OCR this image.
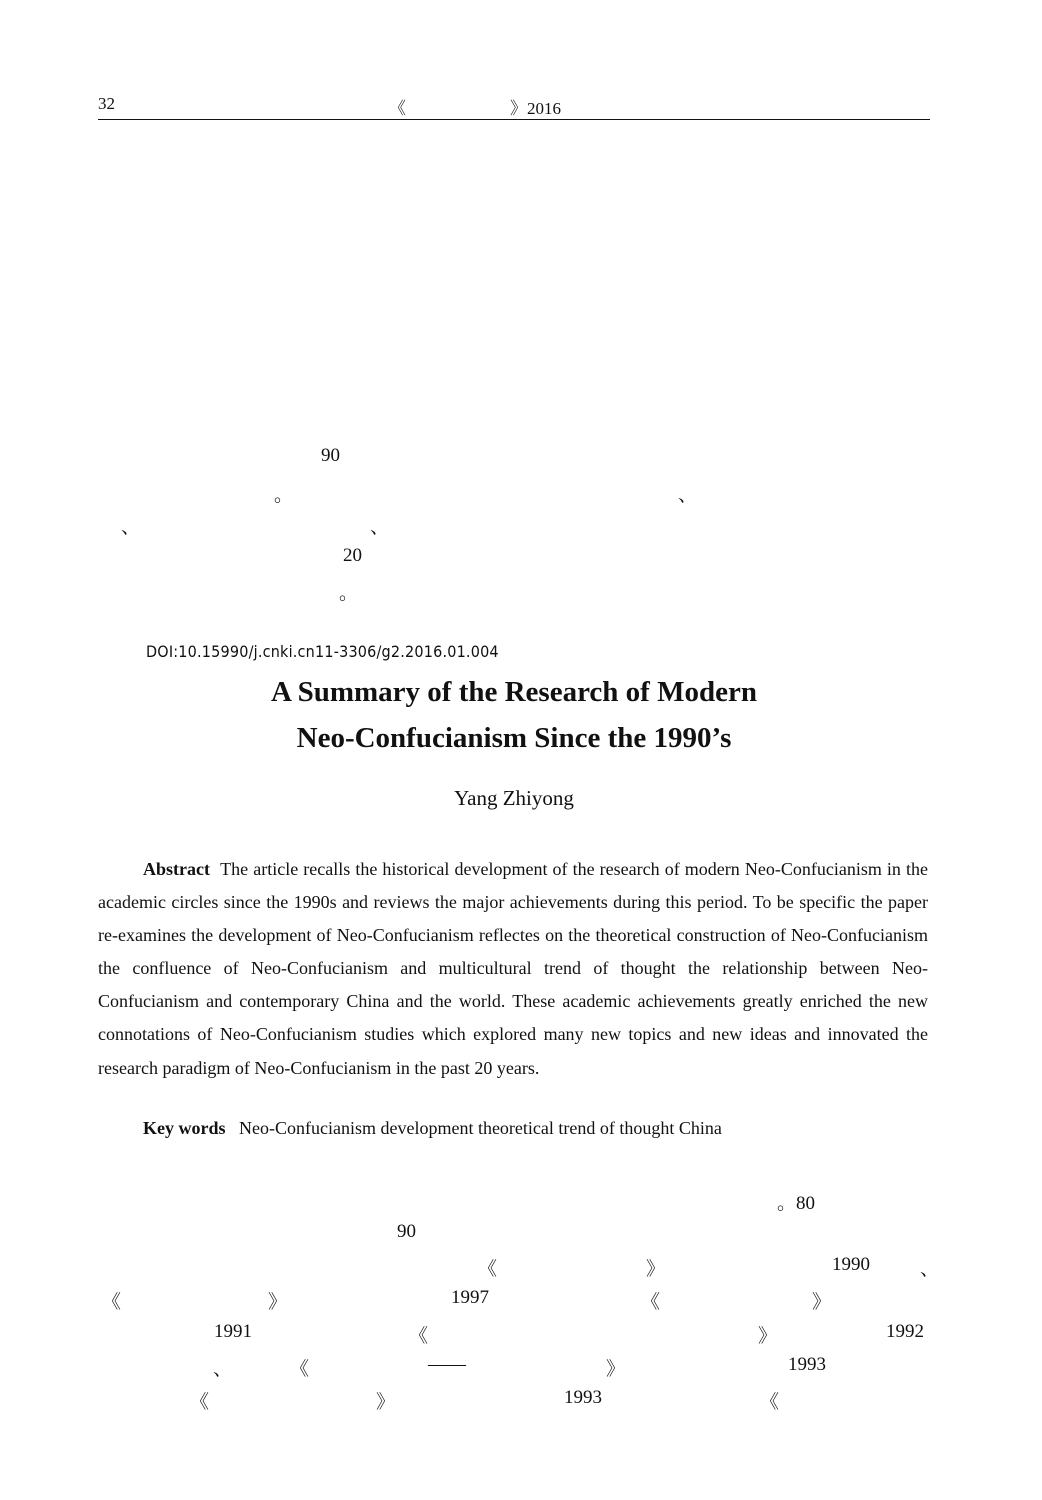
32	《	》2016
90
。	、
、	、
20
。
DOI:10.15990/j.cnki.cn11-3306/g2.2016.01.004
A Summary of the Research of Modern
Neo-Confucianism Since the 1990’s
Yang Zhiyong
Abstract The article recalls the historical development of the research of modern Neo-Confucianism in the academic circles since the 1990s and reviews the major achievements during this period. To be specific the paper re-examines the development of Neo-Confucianism reflectes on the theoretical construction of Neo-Confucianism the confluence of Neo-Confucianism and multicultural trend of thought the relationship between Neo-Confucianism and contemporary China and the world. These academic achievements greatly enriched the new connotations of Neo-Confucianism studies which explored many new topics and new ideas and innovated the research paradigm of Neo-Confucianism in the past 20 years.
Key words Neo-Confucianism development theoretical trend of thought China
。80
90
《	》	1990	、
《	》	1997	《	》
1991	《	》	1992
、	《	——	》	1993
《	》	1993	《
